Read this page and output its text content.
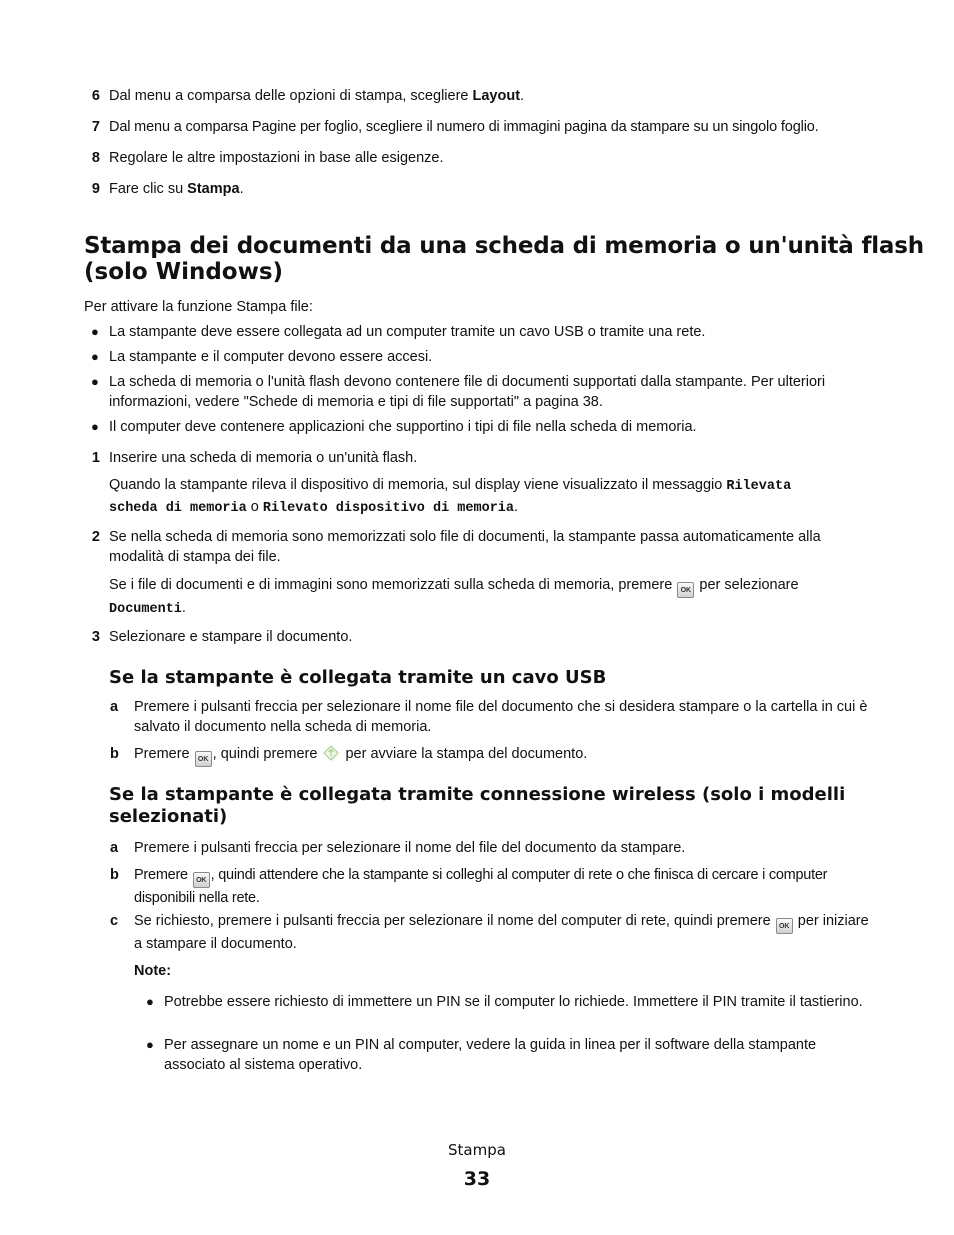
6 Dal menu a comparsa delle opzioni di stampa, scegliere Layout.
7 Dal menu a comparsa Pagine per foglio, scegliere il numero di immagini pagina da stampare su un singolo foglio.
8 Regolare le altre impostazioni in base alle esigenze.
9 Fare clic su Stampa.
Stampa dei documenti da una scheda di memoria o un'unità flash
(solo Windows)
Per attivare la funzione Stampa file:
● La stampante deve essere collegata ad un computer tramite un cavo USB o tramite una rete.
● La stampante e il computer devono essere accesi.
● La scheda di memoria o l'unità flash devono contenere file di documenti supportati dalla stampante. Per ulteriori informazioni, vedere "Schede di memoria e tipi di file supportati" a pagina 38.
● Il computer deve contenere applicazioni che supportino i tipi di file nella scheda di memoria.
1 Inserire una scheda di memoria o un'unità flash.
Quando la stampante rileva il dispositivo di memoria, sul display viene visualizzato il messaggio Rilevata
scheda di memoria o Rilevato dispositivo di memoria.
2 Se nella scheda di memoria sono memorizzati solo file di documenti, la stampante passa automaticamente alla modalità di stampa dei file.
Se i file di documenti e di immagini sono memorizzati sulla scheda di memoria, premere OK per selezionare
Documenti.
3 Selezionare e stampare il documento.
Se la stampante è collegata tramite un cavo USB
a Premere i pulsanti freccia per selezionare il nome file del documento che si desidera stampare o la cartella in cui è salvato il documento nella scheda di memoria.
b Premere OK , quindi premere  per avviare la stampa del documento.
Se la stampante è collegata tramite connessione wireless (solo i modelli
selezionati)
a Premere i pulsanti freccia per selezionare il nome del file del documento da stampare.
b Premere OK , quindi attendere che la stampante si colleghi al computer di rete o che finisca di cercare i computer disponibili nella rete.
c Se richiesto, premere i pulsanti freccia per selezionare il nome del computer di rete, quindi premere OK per iniziare a stampare il documento.
Note:
● Potrebbe essere richiesto di immettere un PIN se il computer lo richiede. Immettere il PIN tramite il tastierino.
● Per assegnare un nome e un PIN al computer, vedere la guida in linea per il software della stampante associato al sistema operativo.
Stampa
33
